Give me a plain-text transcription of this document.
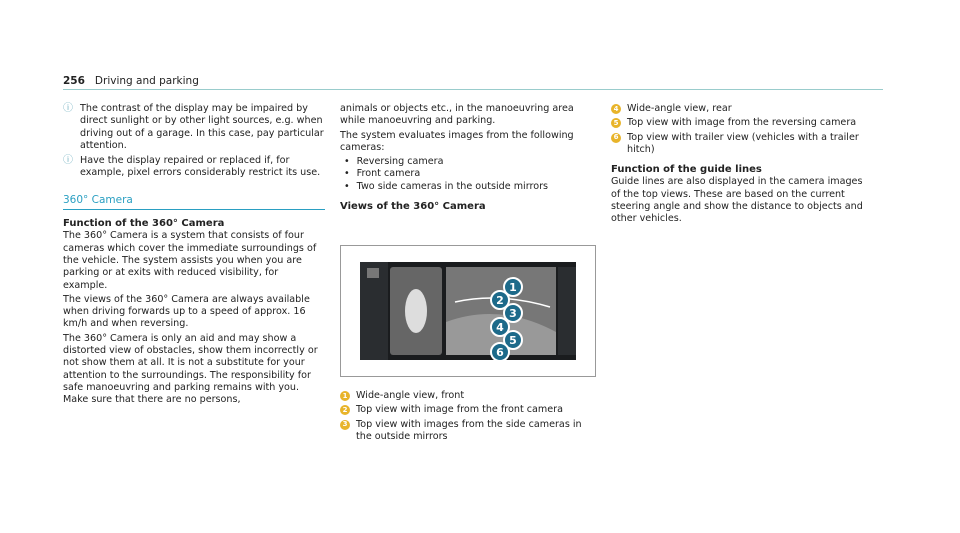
256 Driving and parking
ⓘ The contrast of the display may be impaired by direct sunlight or by other light sources, e.g. when driving out of a garage. In this case, pay particular attention.
ⓘ Have the display repaired or replaced if, for example, pixel errors considerably restrict its use.
360° Camera
Function of the 360° Camera

The 360° Camera is a system that consists of four cameras which cover the immediate surroundings of the vehicle. The system assists you when you are parking or at exits with reduced visibility, for example.

The views of the 360° Camera are always available when driving forwards up to a speed of approx. 16 km/h and when reversing.

The 360° Camera is only an aid and may show a distorted view of obstacles, show them incorrectly or not show them at all. It is not a substitute for your attention to the surroundings. The responsibility for safe manoeuvring and parking remains with you. Make sure that there are no persons,

animals or objects etc., in the manoeuvring area while manoeuvring and parking.

The system evaluates images from the following cameras:

• Reversing camera
• Front camera
• Two side cameras in the outside mirrors
Views of the 360° Camera
1
2
3
4
5
6
1 Wide-angle view, front
2 Top view with image from the front camera
3 Top view with images from the side cameras in the outside mirrors
4 Wide-angle view, rear
5 Top view with image from the reversing camera
6 Top view with trailer view (vehicles with a trailer hitch)
Function of the guide lines

Guide lines are also displayed in the camera images of the top views. These are based on the current steering angle and show the distance to objects and other vehicles.
